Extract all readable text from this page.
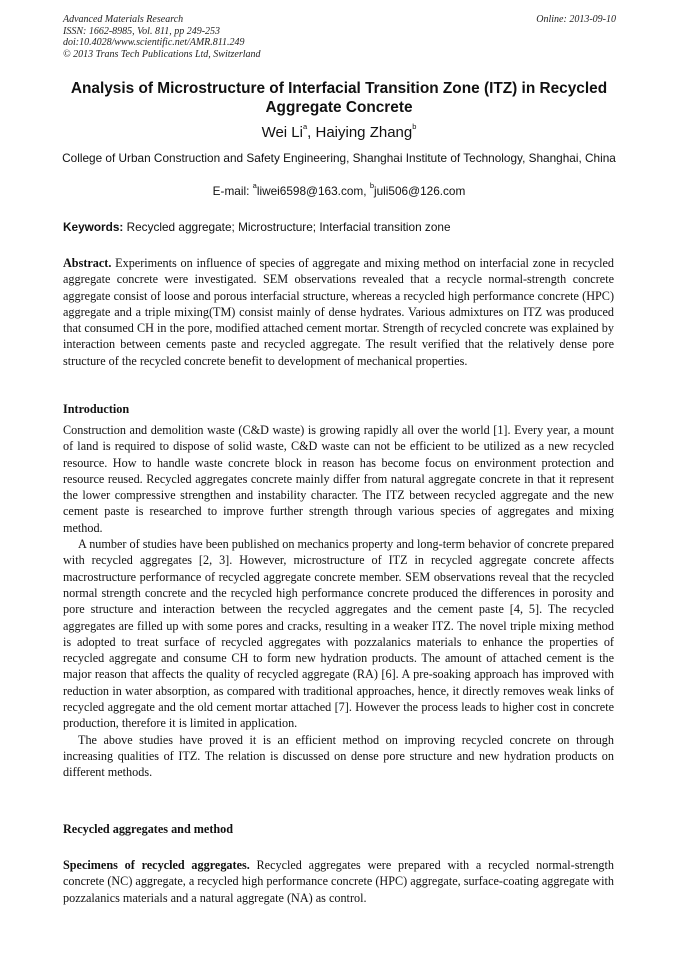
Advanced Materials Research
ISSN: 1662-8985, Vol. 811, pp 249-253
doi:10.4028/www.scientific.net/AMR.811.249
© 2013 Trans Tech Publications Ltd, Switzerland
Online: 2013-09-10
Analysis of Microstructure of Interfacial Transition Zone (ITZ) in Recycled Aggregate Concrete
Wei Li$^a$, Haiying Zhang$^b$
College of Urban Construction and Safety Engineering, Shanghai Institute of Technology, Shanghai, China
E-mail: $^a$liwei6598@163.com, $^b$juli506@126.com
Keywords: Recycled aggregate; Microstructure; Interfacial transition zone

Abstract. Experiments on influence of species of aggregate and mixing method on interfacial zone in recycled aggregate concrete were investigated. SEM observations revealed that a recycle normal-strength concrete aggregate consist of loose and porous interfacial structure, whereas a recycled high performance concrete (HPC) aggregate and a triple mixing(TM) consist mainly of dense hydrates. Various admixtures on ITZ was produced that consumed CH in the pore, modified attached cement mortar. Strength of recycled concrete was explained by interaction between cements paste and recycled aggregate. The result verified that the relatively dense pore structure of the recycled concrete benefit to development of mechanical properties.

Introduction

Construction and demolition waste (C&D waste) is growing rapidly all over the world [1]. Every year, a mount of land is required to dispose of solid waste, C&D waste can not be efficient to be utilized as a new recycled resource. How to handle waste concrete block in reason has become focus on environment protection and resource reused. Recycled aggregates concrete mainly differ from natural aggregate concrete in that it represent the lower compressive strengthen and instability character. The ITZ between recycled aggregate and the new cement paste is researched to improve further strength through various species of aggregates and mixing method.

A number of studies have been published on mechanics property and long-term behavior of concrete prepared with recycled aggregates [2, 3]. However, microstructure of ITZ in recycled aggregate concrete affects macrostructure performance of recycled aggregate concrete member. SEM observations reveal that the recycled normal strength concrete and the recycled high performance concrete produced the differences in porosity and pore structure and interaction between the recycled aggregates and the cement paste [4, 5]. The recycled aggregates are filled up with some pores and cracks, resulting in a weaker ITZ. The novel triple mixing method is adopted to treat surface of recycled aggregates with pozzalanics materials to enhance the properties of recycled aggregate and consume CH to form new hydration products. The amount of attached cement is the major reason that affects the quality of recycled aggregate (RA) [6]. A pre-soaking approach has improved with reduction in water absorption, as compared with traditional approaches, hence, it directly removes weak links of recycled aggregate and the old cement mortar attached [7]. However the process leads to higher cost in concrete production, therefore it is limited in application.

The above studies have proved it is an efficient method on improving recycled concrete on through increasing qualities of ITZ. The relation is discussed on dense pore structure and new hydration products on different methods.

Recycled aggregates and method

Specimens of recycled aggregates. Recycled aggregates were prepared with a recycled normal-strength concrete (NC) aggregate, a recycled high performance concrete (HPC) aggregate, surface-coating aggregate with pozzalanics materials and a natural aggregate (NA) as control.
